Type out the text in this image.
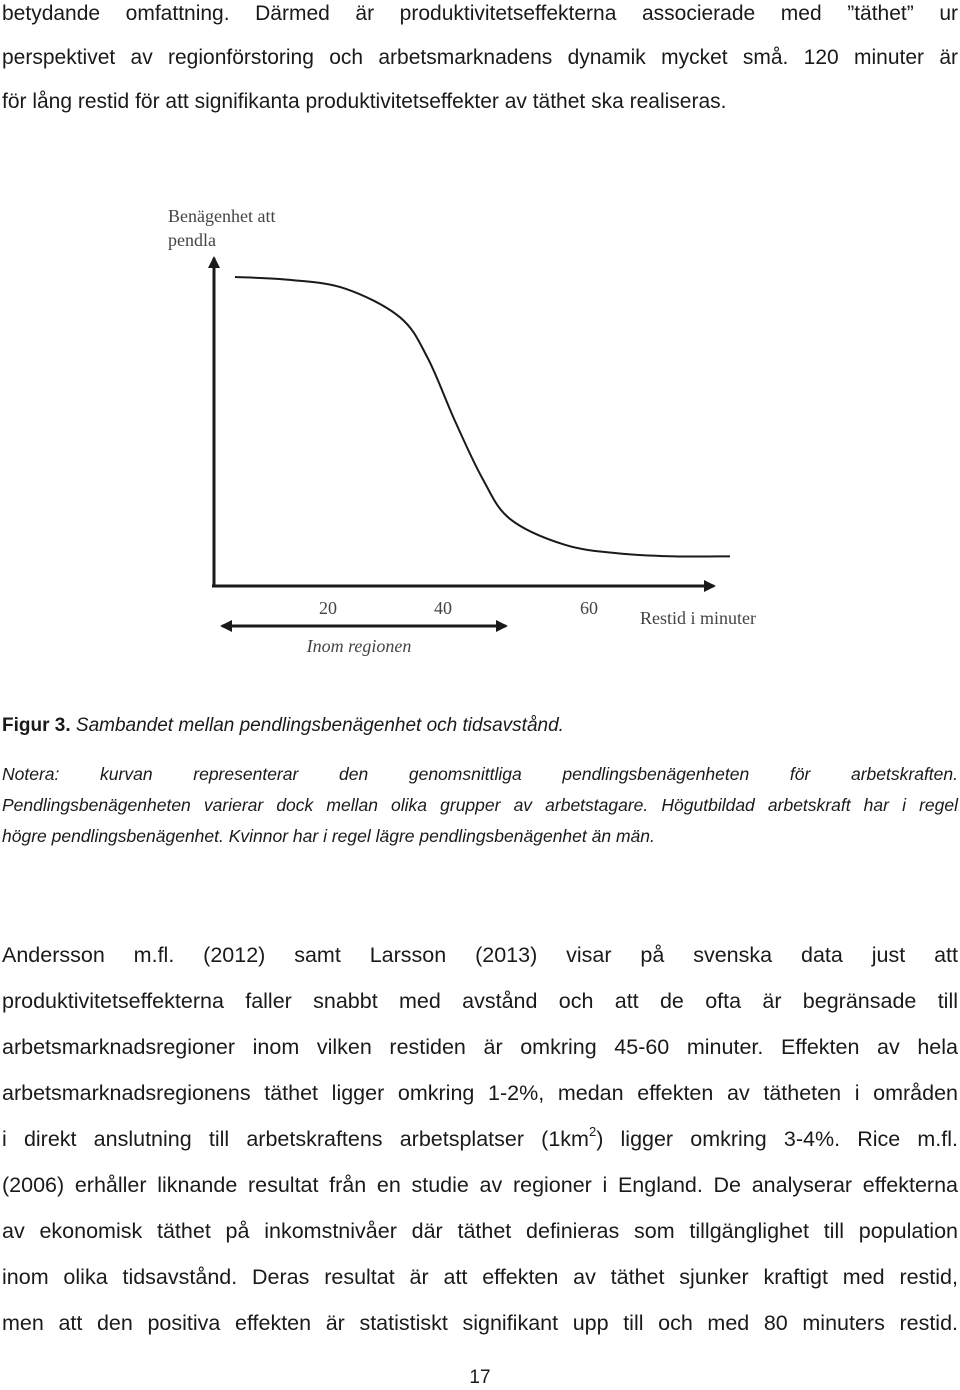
betydande omfattning. Därmed är produktivitetseffekterna associerade med ”täthet” ur
perspektivet av regionförstoring och arbetsmarknadens dynamik mycket små. 120 minuter är
för lång restid för att signifikanta produktivitetseffekter av täthet ska realiseras.
Benägenhet att
pendla
20	40	60 Restid i minuter
Inom regionen
Figur 3. Sambandet mellan pendlingsbenägenhet och tidsavstånd.
Notera: kurvan representerar den genomsnittliga pendlingsbenägenheten för arbetskraften.
Pendlingsbenägenheten varierar dock mellan olika grupper av arbetstagare. Högutbildad arbetskraft har i regel
högre pendlingsbenägenhet. Kvinnor har i regel lägre pendlingsbenägenhet än män.
Andersson m.fl. (2012) samt Larsson (2013) visar på svenska data just att
produktivitetseffekterna faller snabbt med avstånd och att de ofta är begränsade till
arbetsmarknadsregioner inom vilken restiden är omkring 45-60 minuter. Effekten av hela
arbetsmarknadsregionens täthet ligger omkring 1-2%, medan effekten av tätheten i områden
i direkt anslutning till arbetskraftens arbetsplatser $(1km^2)$ ligger omkring 3-4%. Rice m.fl.
(2006) erhåller liknande resultat från en studie av regioner i England. De analyserar effekterna
av ekonomisk täthet på inkomstnivåer där täthet definieras som tillgänglighet till population
inom olika tidsavstånd. Deras resultat är att effekten av täthet sjunker kraftigt med restid,
men att den positiva effekten är statistiskt signifikant upp till och med 80 minuters restid.
17
